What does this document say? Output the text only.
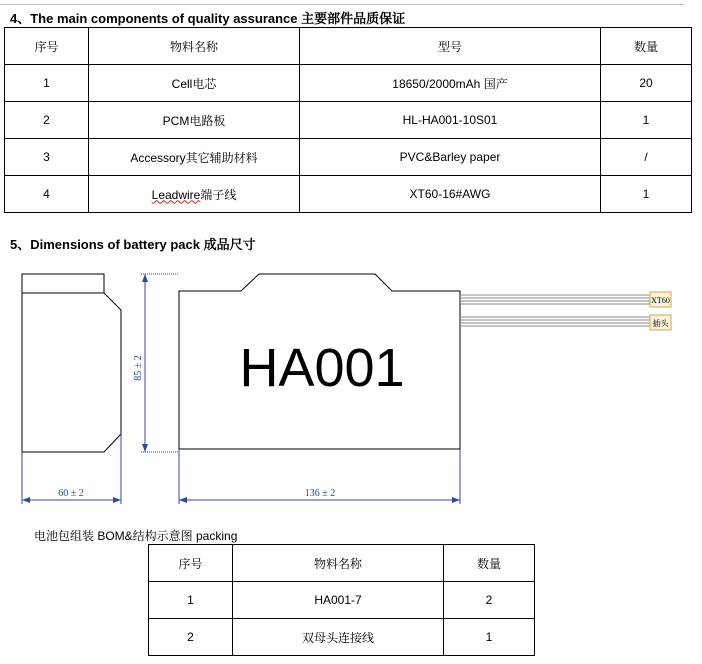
4、The main components of quality assurance 主要部件品质保证
序号	物料名称	型号	数量
1	Cell电芯	18650/2000mAh 国产	20
2	PCM电路板	HL-HA001-10S01	1
3	Accessory其它辅助材料	PVC&Barley paper	/
4	Leadwire端子线	XT60-16#AWG	1
5、Dimensions of battery pack 成品尺寸
HA001
XT60
插头
85 ± 2
60 ± 2	136 ± 2
电池包组装 BOM&结构示意图 packing
序号	物料名称	数量
1	HA001-7	2
2	双母头连接线	1
